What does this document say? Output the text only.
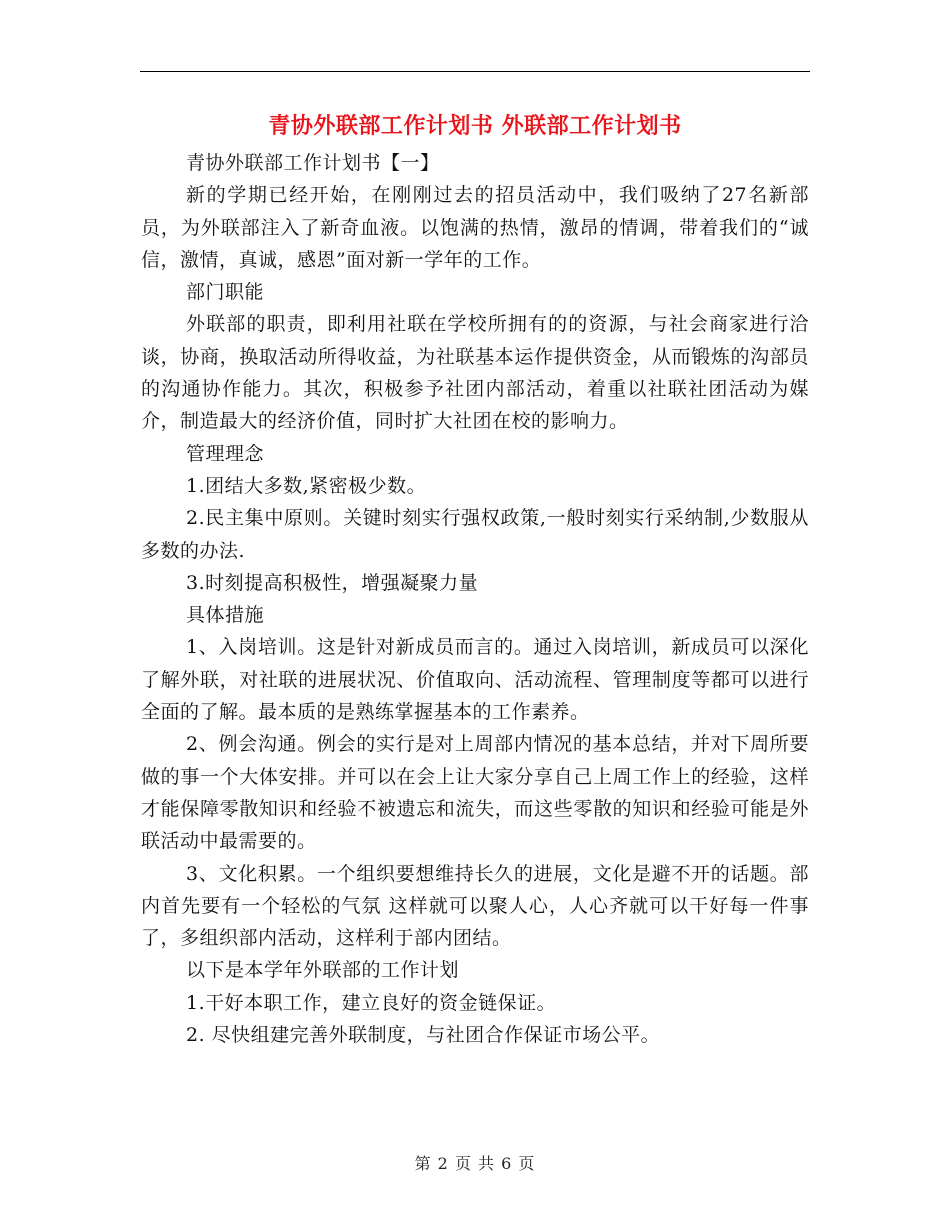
青协外联部工作计划书 外联部工作计划书

青协外联部工作计划书【一】

新的学期已经开始，在刚刚过去的招员活动中，我们吸纳了27名新部员，为外联部注入了新奇血液。以饱满的热情，激昂的情调，带着我们的“诚信，激情，真诚，感恩”面对新一学年的工作。

部门职能

外联部的职责，即利用社联在学校所拥有的的资源，与社会商家进行洽谈，协商，换取活动所得收益，为社联基本运作提供资金，从而锻炼的沟部员的沟通协作能力。其次，积极参予社团内部活动，着重以社联社团活动为媒介，制造最大的经济价值，同时扩大社团在校的影响力。

管理理念

1.团结大多数,紧密极少数。

2.民主集中原则。关键时刻实行强权政策,一般时刻实行采纳制,少数服从多数的办法.

3.时刻提高积极性，增强凝聚力量

具体措施

1、入岗培训。这是针对新成员而言的。通过入岗培训，新成员可以深化了解外联，对社联的进展状况、价值取向、活动流程、管理制度等都可以进行全面的了解。最本质的是熟练掌握基本的工作素养。

2、例会沟通。例会的实行是对上周部内情况的基本总结，并对下周所要做的事一个大体安排。并可以在会上让大家分享自己上周工作上的经验，这样才能保障零散知识和经验不被遗忘和流失，而这些零散的知识和经验可能是外联活动中最需要的。

3、文化积累。一个组织要想维持长久的进展，文化是避不开的话题。部内首先要有一个轻松的气氛 这样就可以聚人心，人心齐就可以干好每一件事了，多组织部内活动，这样利于部内团结。

以下是本学年外联部的工作计划

1.干好本职工作，建立良好的资金链保证。

2. 尽快组建完善外联制度，与社团合作保证市场公平。

第 2 页 共 6 页
